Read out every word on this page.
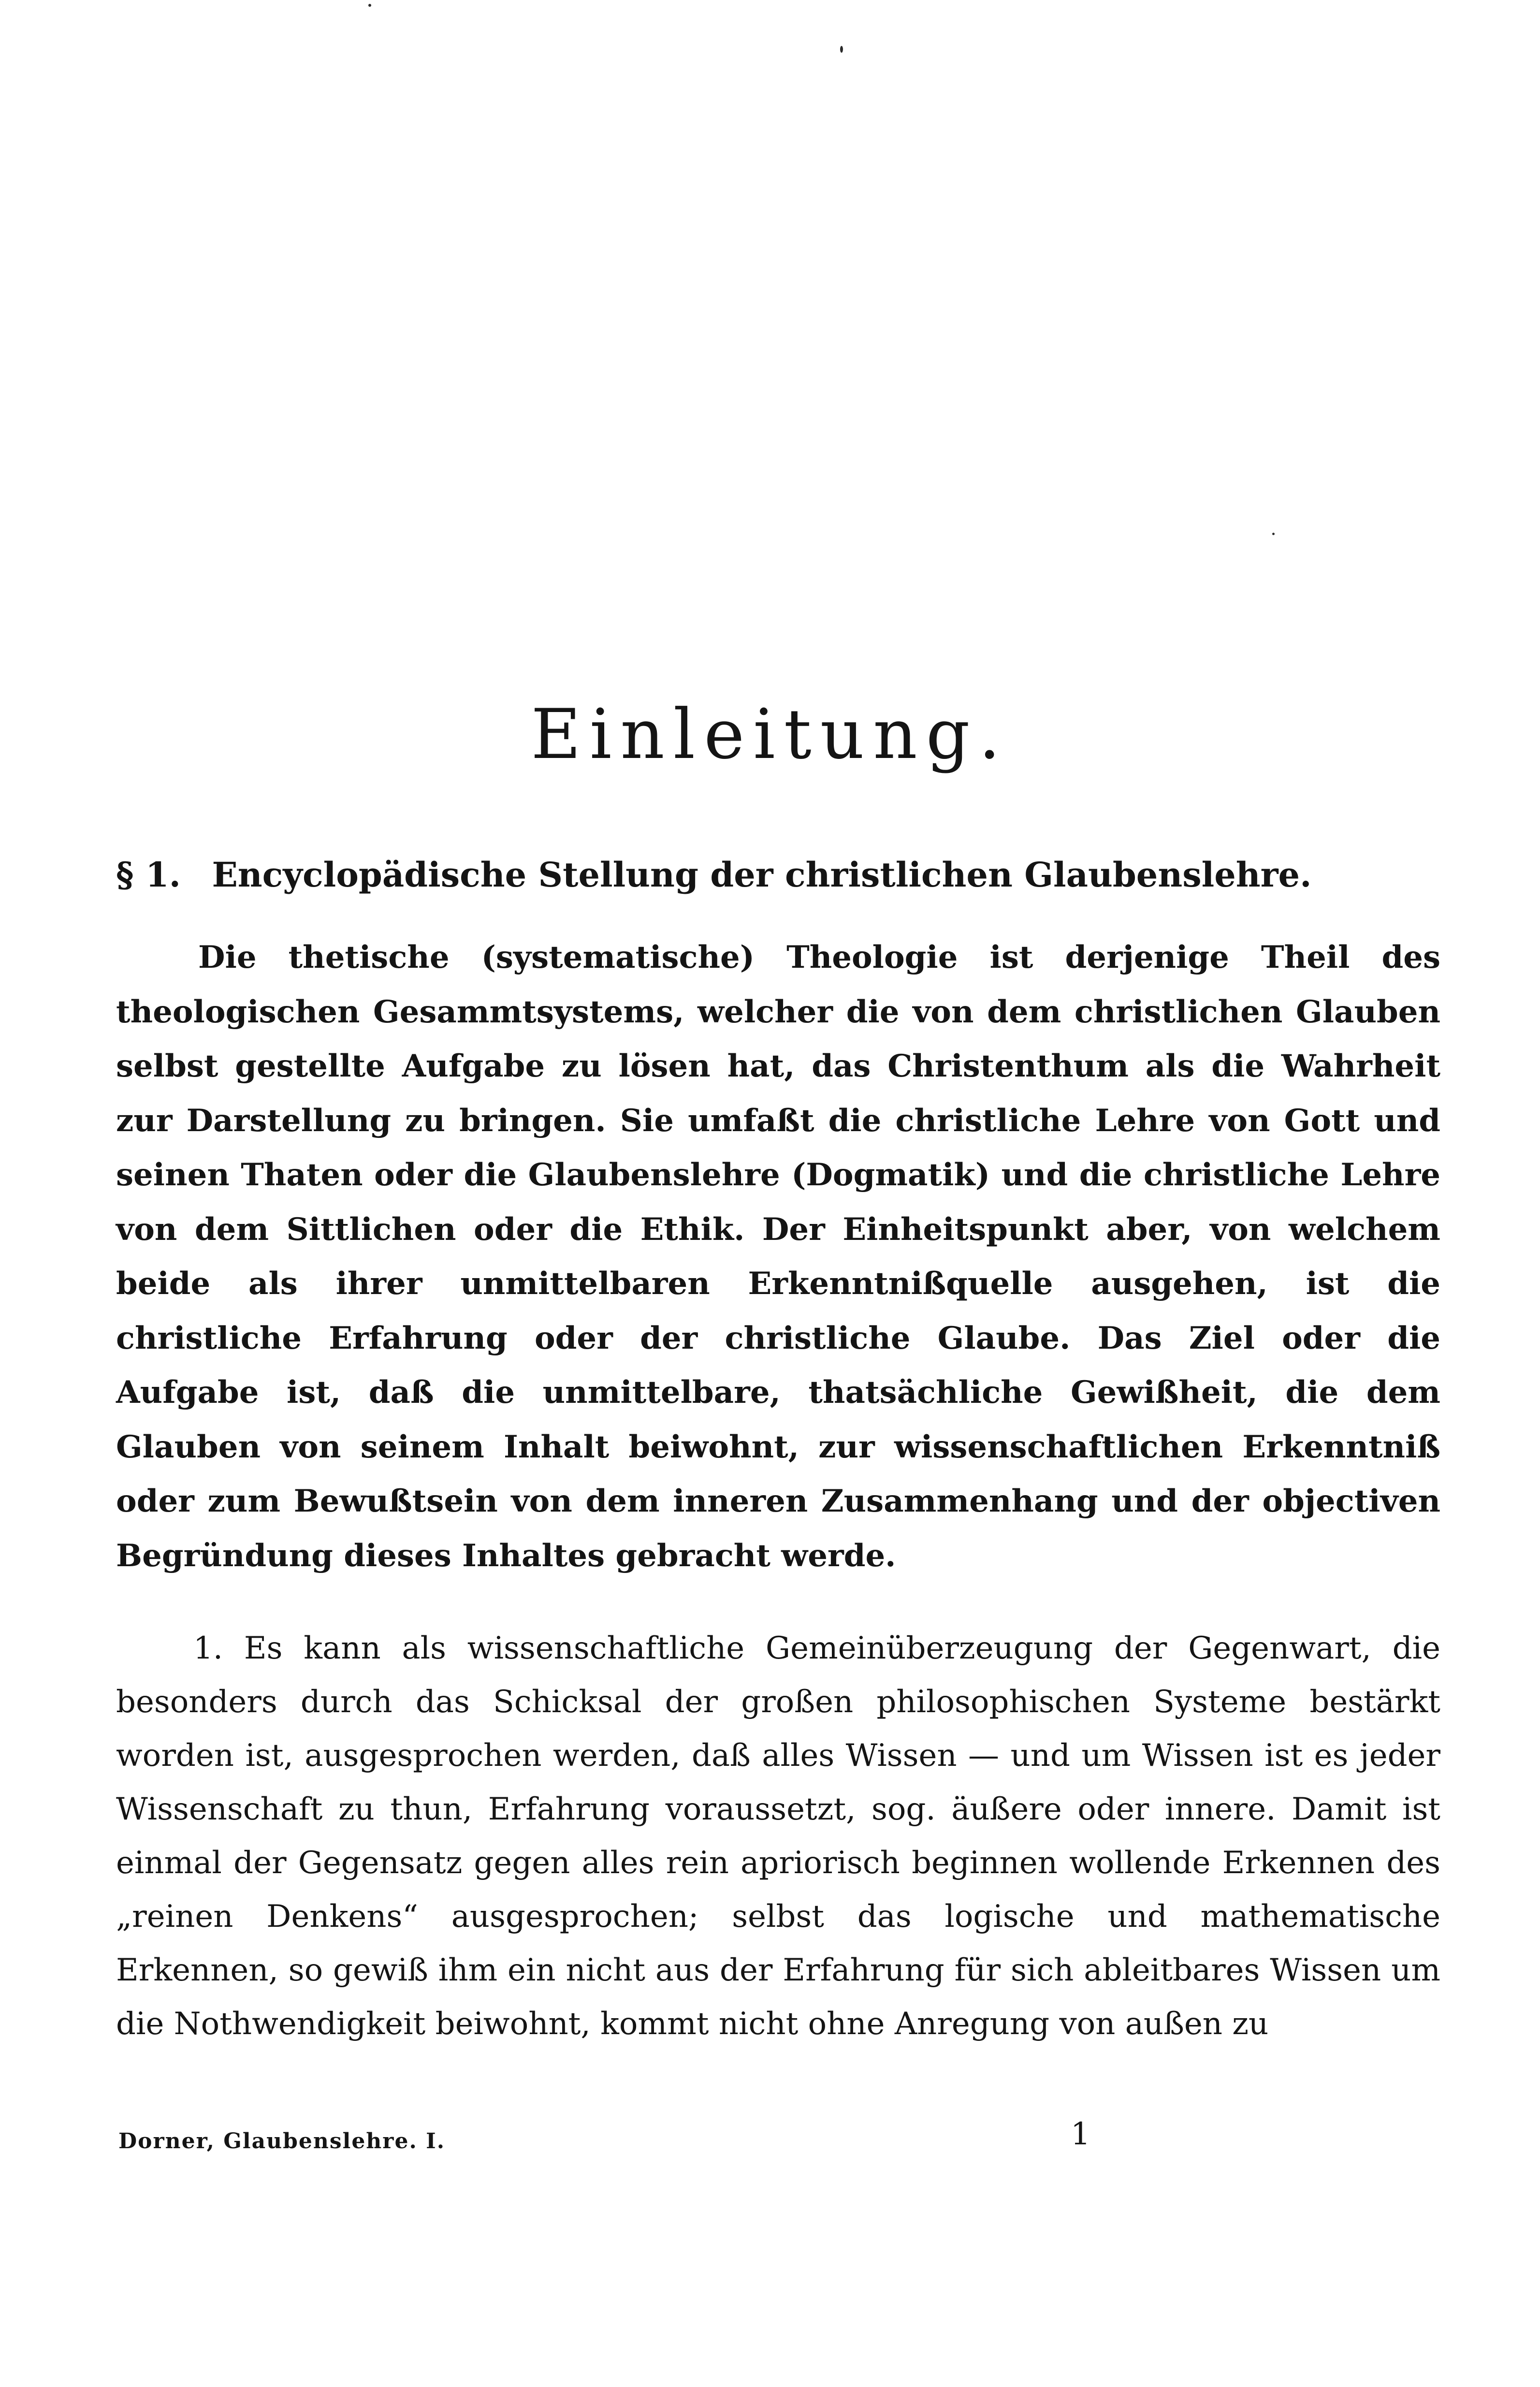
Einleitung.
§ 1. Encyclopädische Stellung der christlichen Glaubenslehre.

Die thetische (systematische) Theologie ist derjenige Theil des theologischen Gesammtsystems, welcher die von dem christlichen Glauben selbst gestellte Aufgabe zu lösen hat, das Christenthum als die Wahrheit zur Darstellung zu bringen. Sie umfaßt die christliche Lehre von Gott und seinen Thaten oder die Glaubenslehre (Dogmatik) und die christliche Lehre von dem Sittlichen oder die Ethik. Der Einheitspunkt aber, von welchem beide als ihrer unmittelbaren Erkenntnißquelle ausgehen, ist die christliche Erfahrung oder der christliche Glaube. Das Ziel oder die Aufgabe ist, daß die unmittelbare, thatsächliche Gewißheit, die dem Glauben von seinem Inhalt beiwohnt, zur wissenschaftlichen Erkenntniß oder zum Bewußtsein von dem inneren Zusammenhang und der objectiven Begründung dieses Inhaltes gebracht werde.

1. Es kann als wissenschaftliche Gemeinüberzeugung der Gegenwart, die besonders durch das Schicksal der großen philosophischen Systeme bestärkt worden ist, ausgesprochen werden, daß alles Wissen — und um Wissen ist es jeder Wissenschaft zu thun, Erfahrung voraussetzt, sog. äußere oder innere. Damit ist einmal der Gegensatz gegen alles rein apriorisch beginnen wollende Erkennen des „reinen Denkens“ ausgesprochen; selbst das logische und mathematische Erkennen, so gewiß ihm ein nicht aus der Erfahrung für sich ableitbares Wissen um die Nothwendigkeit beiwohnt, kommt nicht ohne Anregung von außen zu

Dorner, Glaubenslehre. I.	1
